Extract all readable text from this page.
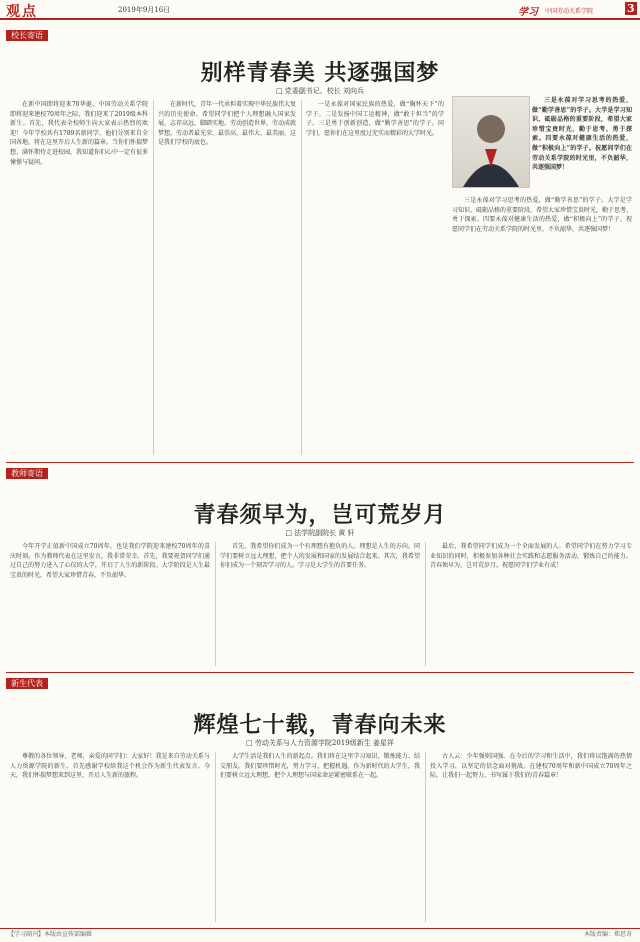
观点	2019年9月16日	学习 中国劳动关系学院	3
校长寄语
别样青春美 共逐强国梦
□ 党委副书记、校长 刘向兵

在新中国即将迎来70华诞，中国劳动关系学院即将迎来建校70周年之际，我们迎来了2019级本科新生。首先，我代表全校师生向大家表示热烈的欢迎！今年学校共有1789名新同学，他们分别来自全国各地，将在这里开启人生新的篇章。当你们怀揣梦想、满怀期待走进校园，我知道你们心中一定有很多憧憬与疑问。

在新时代，青年一代承担着实现中华民族伟大复兴的历史使命。希望同学们把个人理想融入国家发展，志存高远、脚踏实地。劳动创造世界，劳动成就梦想，劳动者最光荣、最崇高、最伟大、最美丽，这是我们学校的底色。

一是永葆对国家民族的热爱，做“胸怀天下”的学子。二是发扬中国工运精神，做“敢于担当”的学子。三是勇于创新创造，做“勤学善思”的学子。同学们，愿你们在这里度过充实而精彩的大学时光。

三是永葆对学习思考的热爱，做“勤学善思”的学子。大学是学习知识、砥砺品格的重要阶段，希望大家珍惜宝贵时光，勤于思考、勇于探索。四要永葆对健康生活的热爱，做“积极向上”的学子。祝愿同学们在劳动关系学院的时光里，不负韶华，共逐强国梦！

三是永葆对学习思考的热爱，做“勤学善思”的学子。大学是学习知识、砥砺品格的重要阶段，希望大家珍惜宝贵时光，勤于思考、勇于探索。四要永葆对健康生活的热爱，做“积极向上”的学子。祝愿同学们在劳动关系学院的时光里，不负韶华，共逐强国梦！

教师寄语
青春须早为，岂可荒岁月
□ 法学院副院长 黄 轩

今年开学正值新中国成立70周年，也是我们学院迎来建校70周年的喜庆时刻。作为教师代表在这里发言，我非常荣幸。首先，我要祝贺同学们通过自己的努力进入了心仪的大学，开启了人生的新阶段。大学阶段是人生最宝贵的时光，希望大家珍惜青春，不负韶华。

首先，我希望你们成为一个有理想有抱负的人。理想是人生的方向。同学们要树立远大理想，把个人的发展和国家的发展结合起来。其次，我希望你们成为一个刻苦学习的人。学习是大学生的首要任务。

最后，我希望同学们成为一个全面发展的人。希望同学们在努力学习专业知识的同时，积极参加各种社会实践和志愿服务活动，锻炼自己的能力。青春须早为，岂可荒岁月。祝愿同学们学业有成！

新生代表
辉煌七十载，青春向未来
□ 劳动关系与人力资源学院2019级新生 姜星祥

尊敬的各位领导、老师，亲爱的同学们：大家好！我是来自劳动关系与人力资源学院的新生。首先感谢学校给我这个机会作为新生代表发言。今天，我们怀揣梦想来到这里，开启人生新的旅程。

大学生活是我们人生的新起点。我们将在这里学习知识、锻炼能力、结交朋友。我们要珍惜时光，努力学习，把握机遇。作为新时代的大学生，我们要树立远大理想，把个人理想与国家命运紧密联系在一起。

古人云：少年强则国强。在今后的学习和生活中，我们将以饱满的热情投入学习，以坚定的信念面对挑战。在建校70周年和新中国成立70周年之际，让我们一起努力，书写属于我们的青春篇章！

【学习副刊】本版由宣传部编辑	本版责编：郑思奇
